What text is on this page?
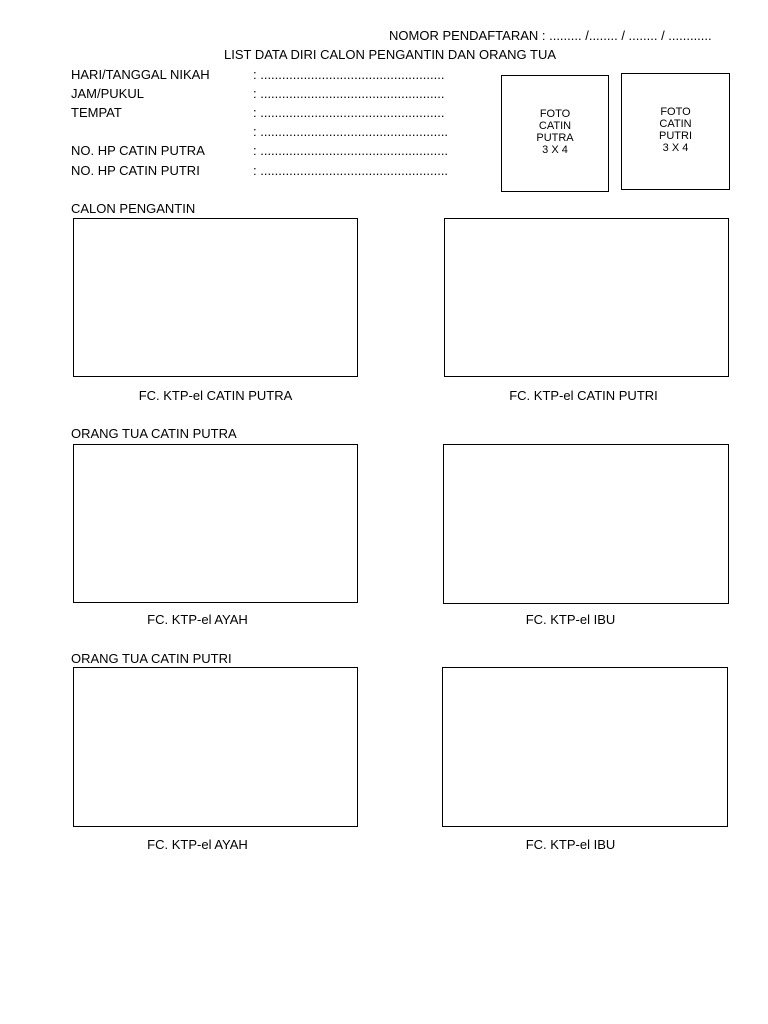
NOMOR PENDAFTARAN : ......... /........ / ........ / ............
LIST DATA DIRI CALON PENGANTIN DAN ORANG TUA
HARI/TANGGAL NIKAH	: ...................................................
JAM/PUKUL	: ...................................................
TEMPAT	: ...................................................
: ....................................................
NO. HP CATIN PUTRA	: ....................................................
NO. HP CATIN PUTRI	: ....................................................
FOTO
CATIN
PUTRA
3 X 4
FOTO
CATIN
PUTRI
3 X 4
CALON PENGANTIN
FC. KTP-el CATIN PUTRA	FC. KTP-el CATIN PUTRI
ORANG TUA CATIN PUTRA
FC. KTP-el AYAH	FC. KTP-el IBU
ORANG TUA CATIN PUTRI
FC. KTP-el AYAH	FC. KTP-el IBU
